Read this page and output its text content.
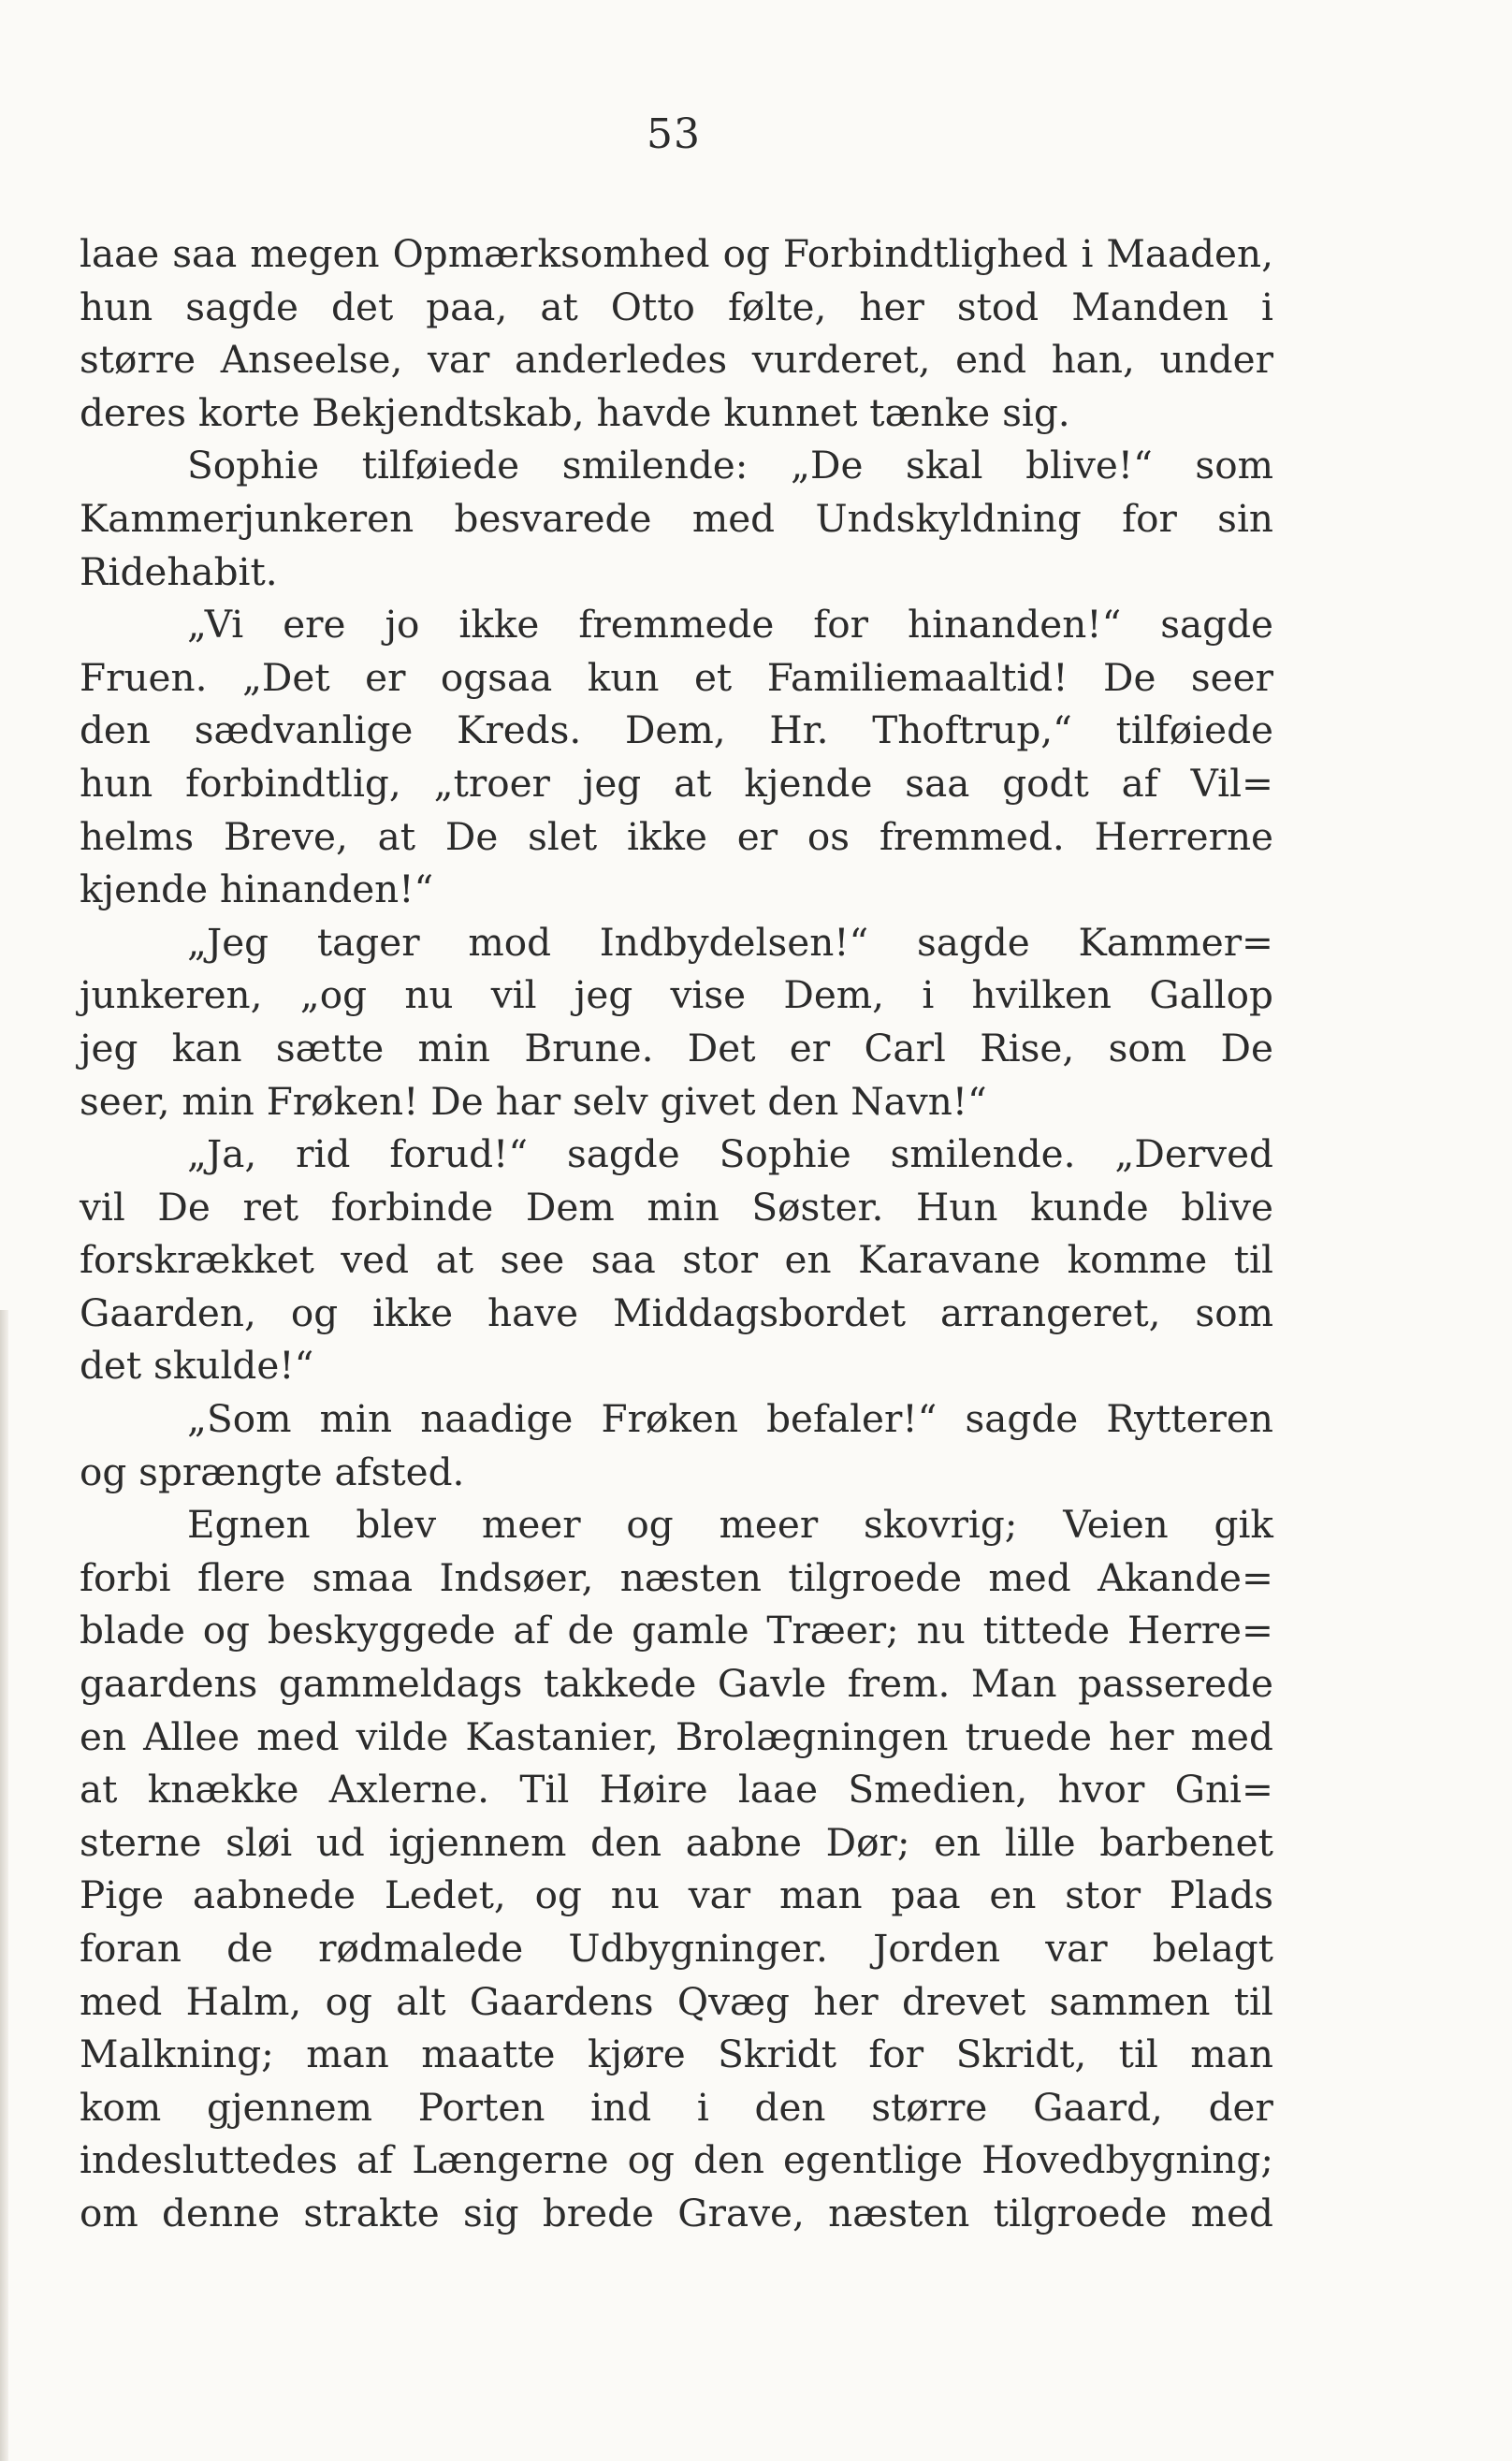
53
laae saa megen Opmærksomhed og Forbindtlighed i Maaden,
hun sagde det paa, at Otto følte, her stod Manden i
større Anseelse, var anderledes vurderet, end han, under
deres korte Bekjendtskab, havde kunnet tænke sig.
Sophie tilføiede smilende: „De skal blive!“ som
Kammerjunkeren besvarede med Undskyldning for sin
Ridehabit.
„Vi ere jo ikke fremmede for hinanden!“ sagde
Fruen. „Det er ogsaa kun et Familiemaaltid! De seer
den sædvanlige Kreds. Dem, Hr. Thoftrup,“ tilføiede
hun forbindtlig, „troer jeg at kjende saa godt af Vil=
helms Breve, at De slet ikke er os fremmed. Herrerne
kjende hinanden!“
„Jeg tager mod Indbydelsen!“ sagde Kammer=
junkeren, „og nu vil jeg vise Dem, i hvilken Gallop
jeg kan sætte min Brune. Det er Carl Rise, som De
seer, min Frøken! De har selv givet den Navn!“
„Ja, rid forud!“ sagde Sophie smilende. „Derved
vil De ret forbinde Dem min Søster. Hun kunde blive
forskrækket ved at see saa stor en Karavane komme til
Gaarden, og ikke have Middagsbordet arrangeret, som
det skulde!“
„Som min naadige Frøken befaler!“ sagde Rytteren
og sprængte afsted.
Egnen blev meer og meer skovrig; Veien gik
forbi flere smaa Indsøer, næsten tilgroede med Akande=
blade og beskyggede af de gamle Træer; nu tittede Herre=
gaardens gammeldags takkede Gavle frem. Man passerede
en Allee med vilde Kastanier, Brolægningen truede her med
at knække Axlerne. Til Høire laae Smedien, hvor Gni=
sterne sløi ud igjennem den aabne Dør; en lille barbenet
Pige aabnede Ledet, og nu var man paa en stor Plads
foran de rødmalede Udbygninger. Jorden var belagt
med Halm, og alt Gaardens Qvæg her drevet sammen til
Malkning; man maatte kjøre Skridt for Skridt, til man
kom gjennem Porten ind i den større Gaard, der
indesluttedes af Længerne og den egentlige Hovedbygning;
om denne strakte sig brede Grave, næsten tilgroede med
